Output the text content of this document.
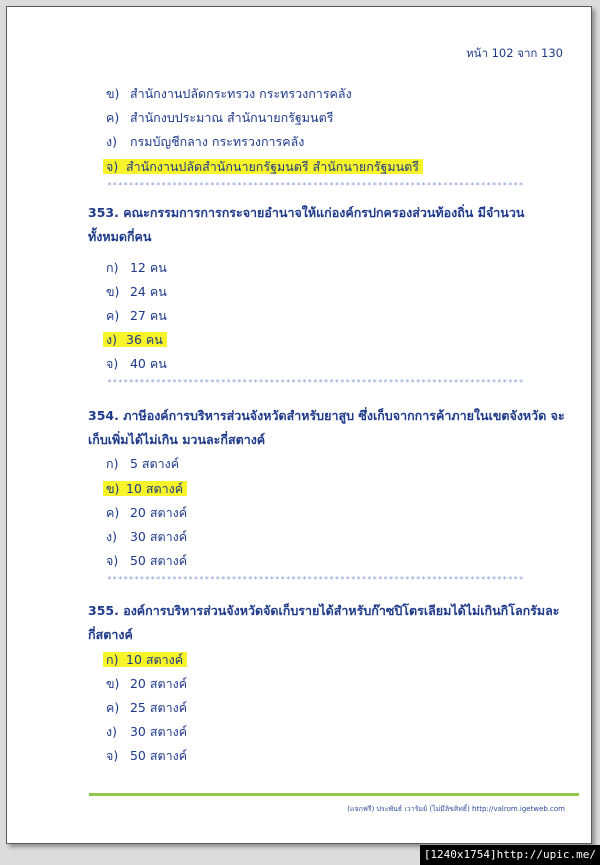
หน้า 102 จาก 130
ข) สำนักงานปลัดกระทรวง กระทรวงการคลัง
ค) สำนักงบประมาณ สำนักนายกรัฐมนตรี
ง) กรมบัญชีกลาง กระทรวงการคลัง
จ) สำนักงานปลัดสำนักนายกรัฐมนตรี สำนักนายกรัฐมนตรี
*****************************************************************************
353. คณะกรรมการการกระจายอำนาจให้แก่องค์กรปกครองส่วนท้องถิ่น มีจำนวน
ทั้งหมดกี่คน
ก) 12 คน
ข) 24 คน
ค) 27 คน
ง) 36 คน
จ) 40 คน
*****************************************************************************
354. ภาษีองค์การบริหารส่วนจังหวัดสำหรับยาสูบ ซึ่งเก็บจากการค้าภายในเขตจังหวัด จะ
เก็บเพิ่มได้ไม่เกิน มวนละกี่สตางค์
ก) 5 สตางค์
ข) 10 สตางค์
ค) 20 สตางค์
ง) 30 สตางค์
จ) 50 สตางค์
*****************************************************************************
355. องค์การบริหารส่วนจังหวัดจัดเก็บรายได้สำหรับก๊าซปิโตรเลียมได้ไม่เกินกิโลกรัมละ
กี่สตางค์
ก) 10 สตางค์
ข) 20 สตางค์
ค) 25 สตางค์
ง) 30 สตางค์
จ) 50 สตางค์
(แจกฟรี) ประพันธ์ เวารัมย์ (ไม่มีลิขสิทธิ์) http://valrom.igetweb.com
[1240x1754]http://upic.me/
